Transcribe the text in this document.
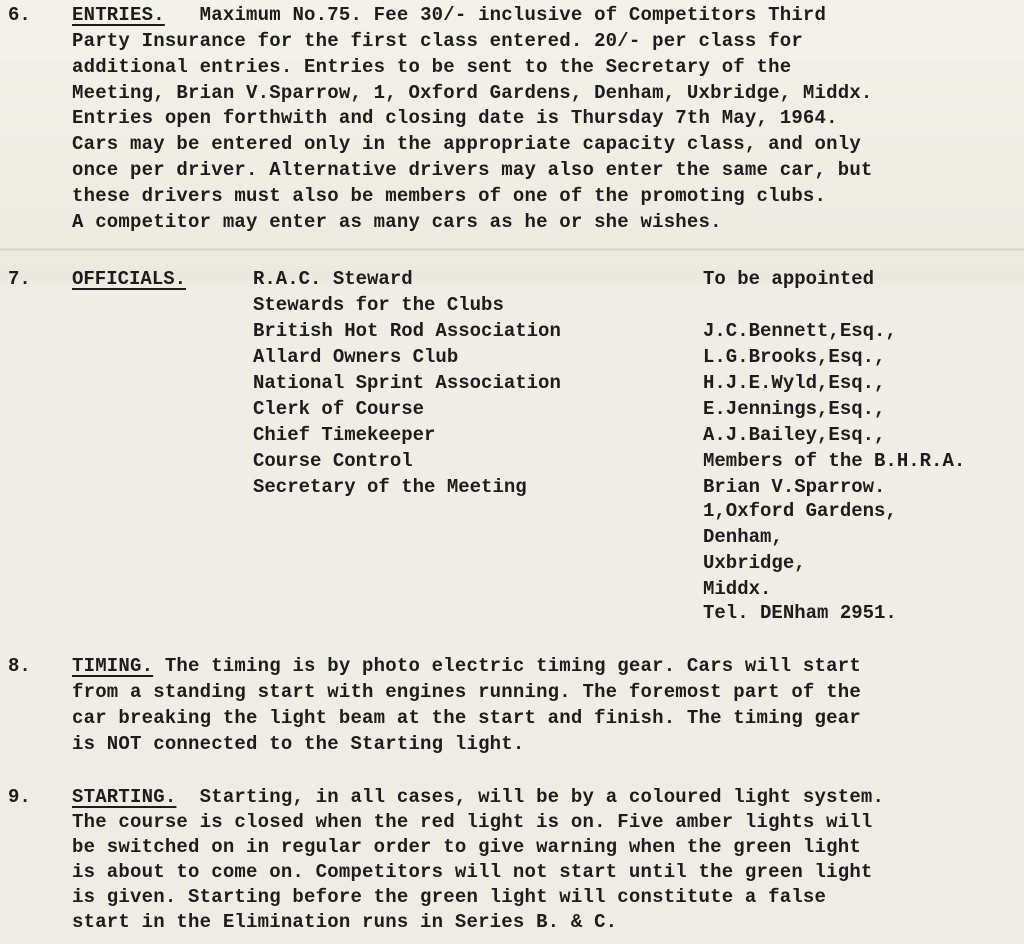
6. ENTRIES.   Maximum No.75. Fee 30/- inclusive of Competitors Third
Party Insurance for the first class entered. 20/- per class for
additional entries. Entries to be sent to the Secretary of the
Meeting, Brian V.Sparrow, 1, Oxford Gardens, Denham, Uxbridge, Middx.
Entries open forthwith and closing date is Thursday 7th May, 1964.
Cars may be entered only in the appropriate capacity class, and only
once per driver. Alternative drivers may also enter the same car, but
these drivers must also be members of one of the promoting clubs.
A competitor may enter as many cars as he or she wishes.
7. OFFICIALS.	R.A.C. Steward	To be appointed
Stewards for the Clubs
British Hot Rod Association	J.C.Bennett,Esq.,
Allard Owners Club	L.G.Brooks,Esq.,
National Sprint Association	H.J.E.Wyld,Esq.,
Clerk of Course	E.Jennings,Esq.,
Chief Timekeeper	A.J.Bailey,Esq.,
Course Control	Members of the B.H.R.A.
Secretary of the Meeting	Brian V.Sparrow.
1,Oxford Gardens,
Denham,
Uxbridge,
Middx.
Tel. DENham 2951.
8. TIMING. The timing is by photo electric timing gear. Cars will start
from a standing start with engines running. The foremost part of the
car breaking the light beam at the start and finish. The timing gear
is NOT connected to the Starting light.
9. STARTING.  Starting, in all cases, will be by a coloured light system.
The course is closed when the red light is on. Five amber lights will
be switched on in regular order to give warning when the green light
is about to come on. Competitors will not start until the green light
is given. Starting before the green light will constitute a false
start in the Elimination runs in Series B. & C.
